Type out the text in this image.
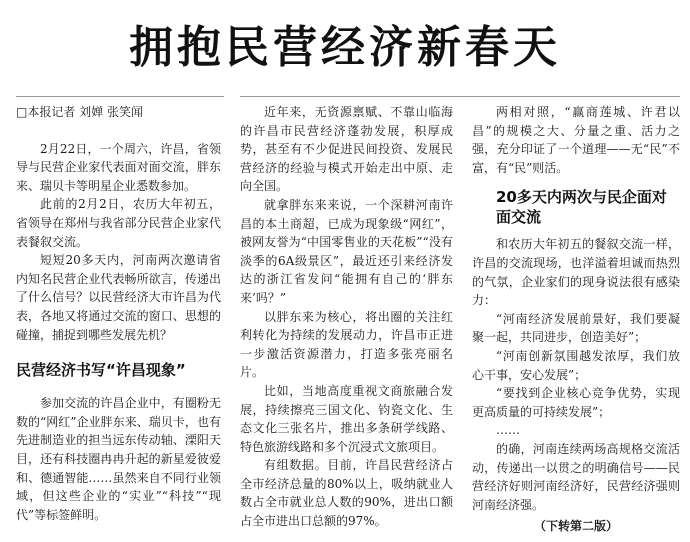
拥抱民营经济新春天
□本报记者 刘婵 张笑闻

2月22日，一个周六，许昌，省领导与民营企业家代表面对面交流，胖东来、瑞贝卡等明星企业悉数参加。

此前的2月2日，农历大年初五，省领导在郑州与我省部分民营企业家代表餐叙交流。

短短20多天内，河南两次邀请省内知名民营企业代表畅所欲言，传递出了什么信号？以民营经济大市许昌为代表，各地又将通过交流的窗口、思想的碰撞，捕捉到哪些发展先机？

民营经济书写“许昌现象”

参加交流的许昌企业中，有圈粉无数的“网红”企业胖东来、瑞贝卡，也有先进制造业的担当远东传动轴、溧阳天目，还有科技圈冉冉升起的新星爱彼爱和、德通智能……虽然来自不同行业领域，但这些企业的“实业”“科技”“现代”等标签鲜明。

近年来，无资源禀赋、不靠山临海的许昌市民营经济蓬勃发展，积厚成势，甚至有不少促进民间投资、发展民营经济的经验与模式开始走出中原、走向全国。

就拿胖东来来说，一个深耕河南许昌的本土商超，已成为现象级“网红”，被网友誉为“中国零售业的天花板”“没有淡季的6A级景区”，最近还引来经济发达的浙江省发问“能拥有自己的‘胖东来’吗？”

以胖东来为核心，将出圈的关注红利转化为持续的发展动力，许昌市正进一步激活资源潜力，打造多张亮丽名片。

比如，当地高度重视文商旅融合发展，持续擦亮三国文化、钧瓷文化、生态文化三张名片，推出多条研学线路、特色旅游线路和多个沉浸式文旅项目。

有组数据。目前，许昌民营经济占全市经济总量的80%以上，吸纳就业人数占全市就业总人数的90%，进出口额占全市进出口总额的97%。

两相对照，“赢商莲城、许君以昌”的规模之大、分量之重、活力之强，充分印证了一个道理——无“民”不富，有“民”则活。

20多天内两次与民企面对面交流

和农历大年初五的餐叙交流一样，许昌的交流现场，也洋溢着坦诚而热烈的气氛，企业家们的现身说法很有感染力：

“河南经济发展前景好，我们要凝聚一起，共同进步，创造美好”；

“河南创新氛围越发浓厚，我们放心干事，安心发展”；

“要找到企业核心竞争优势，实现更高质量的可持续发展”；

……

的确，河南连续两场高规格交流活动，传递出一以贯之的明确信号——民营经济好则河南经济好，民营经济强则河南经济强。

（下转第二版）
